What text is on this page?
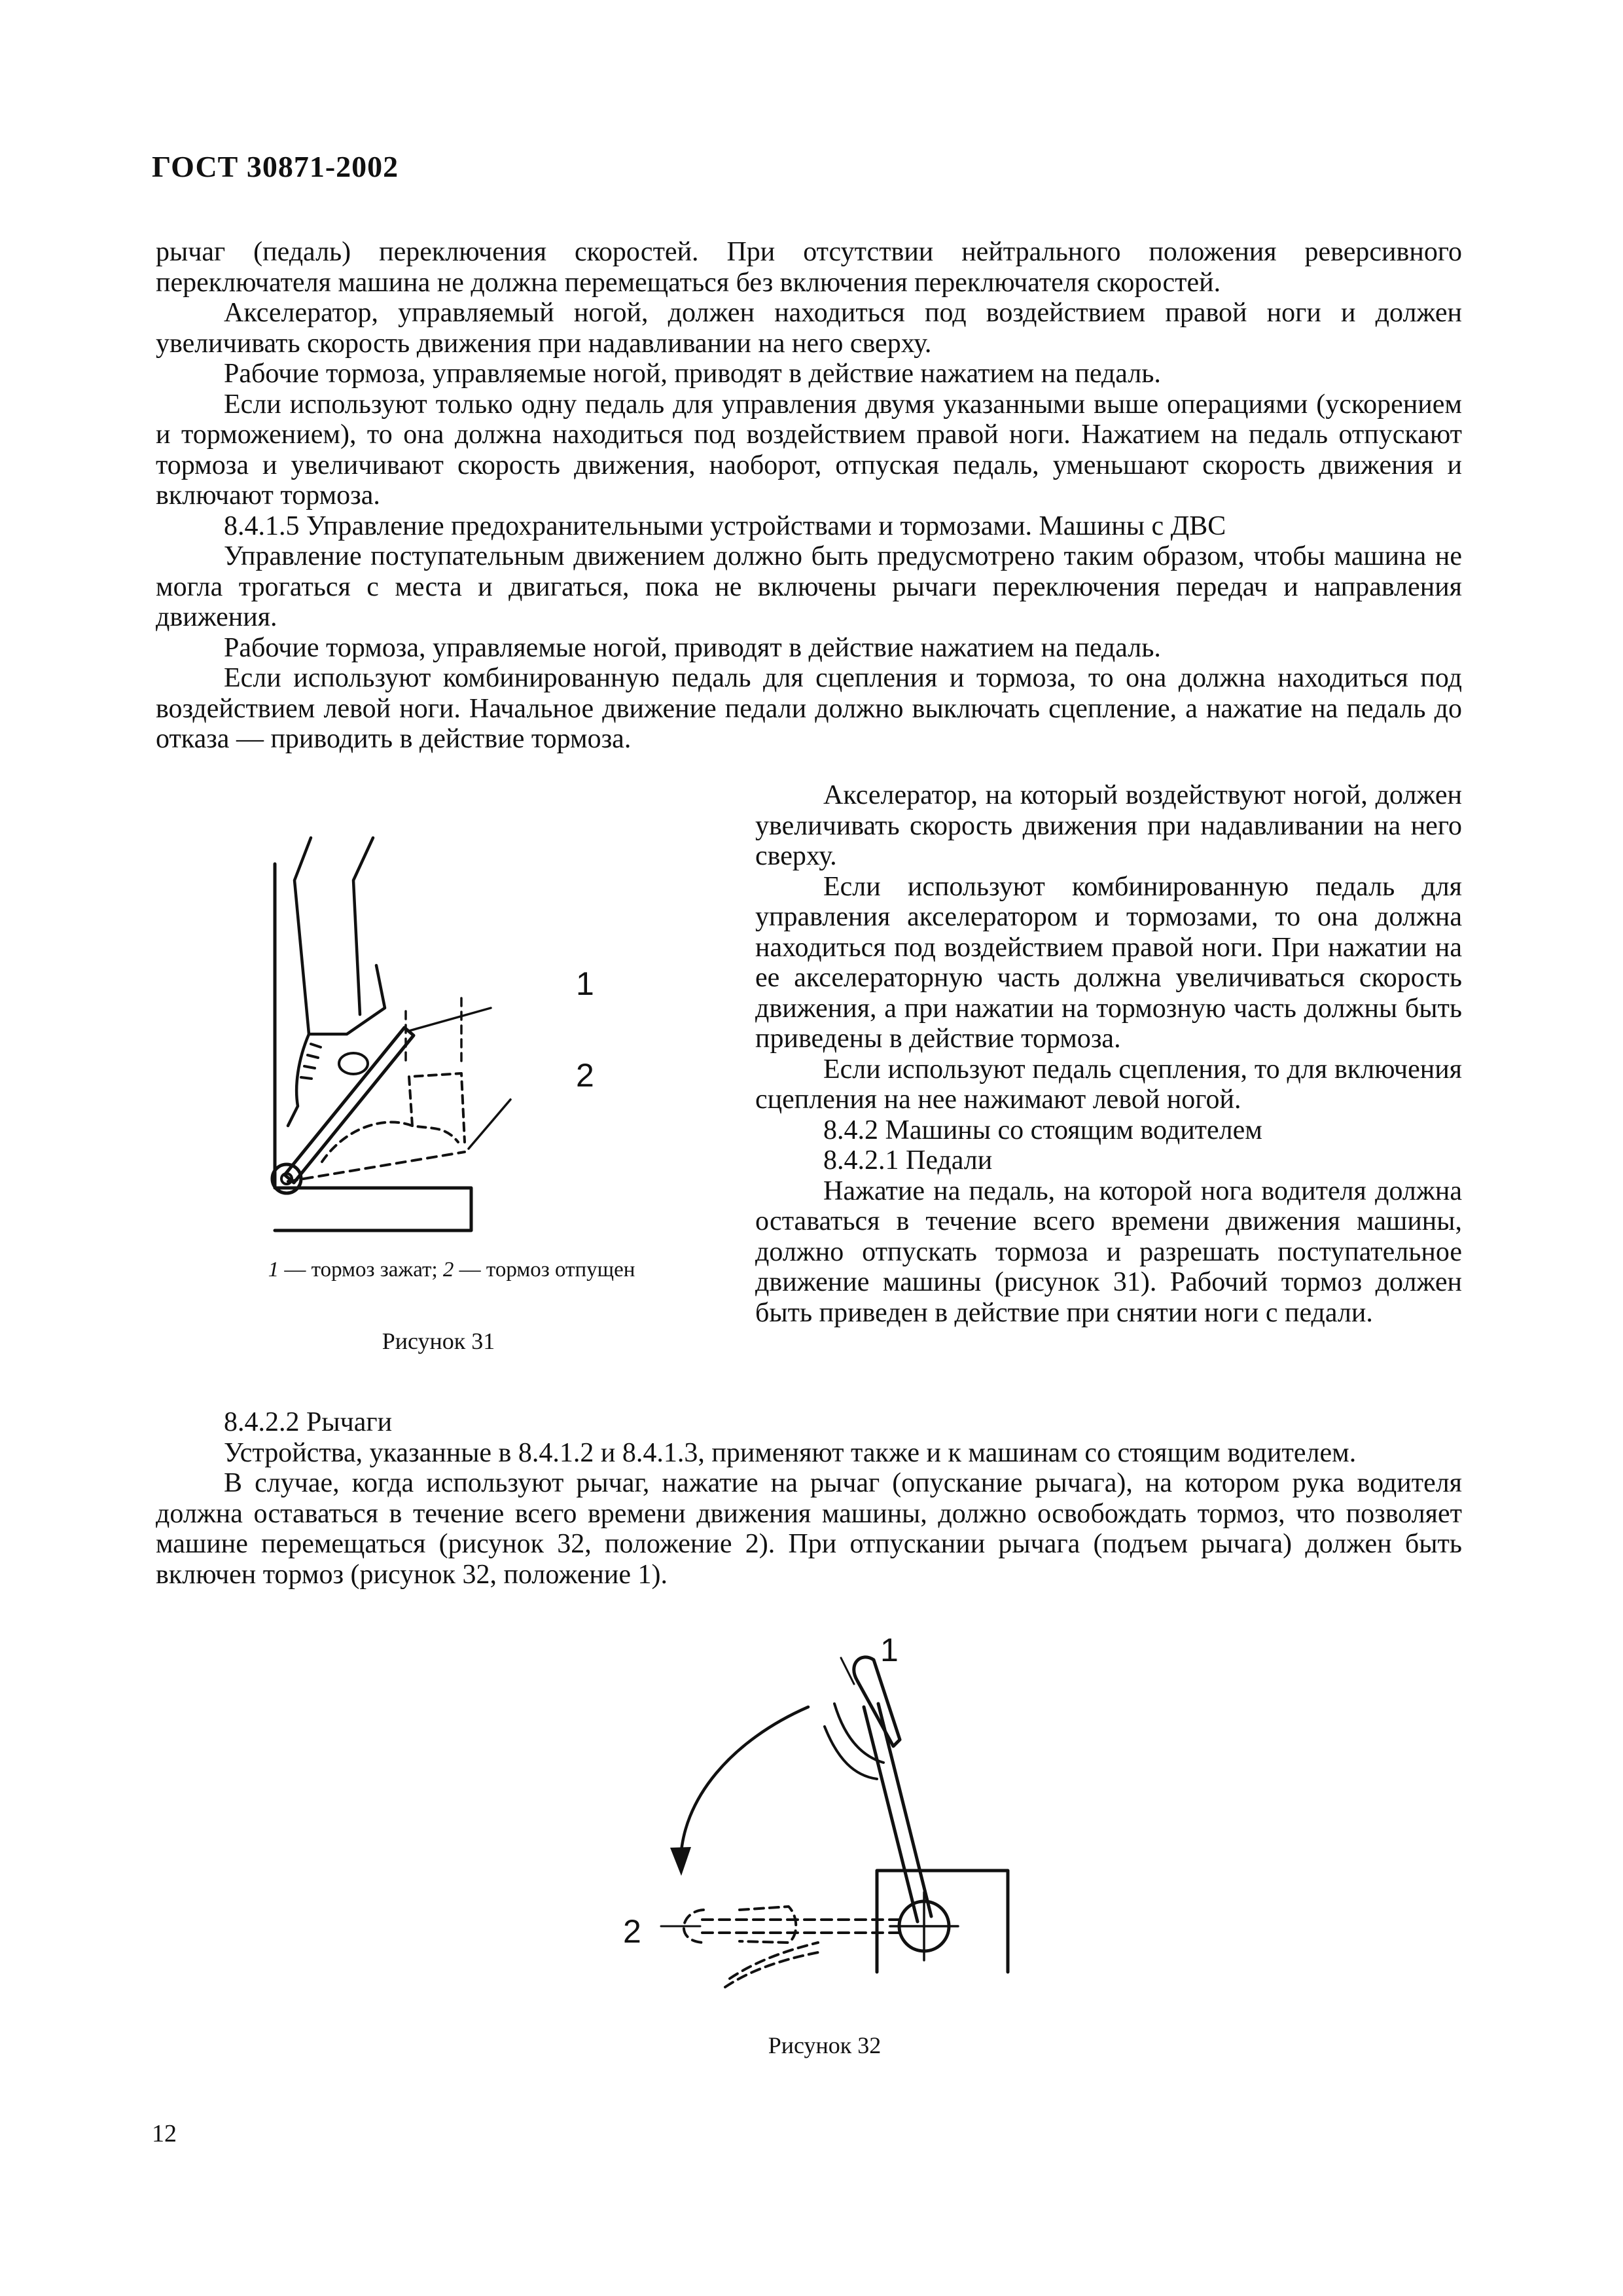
ГОСТ 30871-2002

рычаг (педаль) переключения скоростей. При отсутствии нейтрального положения реверсивного переключателя машина не должна перемещаться без включения переключателя скоростей.

Акселератор, управляемый ногой, должен находиться под воздействием правой ноги и должен увеличивать скорость движения при надавливании на него сверху.

Рабочие тормоза, управляемые ногой, приводят в действие нажатием на педаль.

Если используют только одну педаль для управления двумя указанными выше операциями (ускорением и торможением), то она должна находиться под воздействием правой ноги. Нажатием на педаль отпускают тормоза и увеличивают скорость движения, наоборот, отпуская педаль, уменьшают скорость движения и включают тормоза.

8.4.1.5 Управление предохранительными устройствами и тормозами. Машины с ДВС

Управление поступательным движением должно быть предусмотрено таким образом, чтобы машина не могла трогаться с места и двигаться, пока не включены рычаги переключения передач и направления движения.

Рабочие тормоза, управляемые ногой, приводят в действие нажатием на педаль.

Если используют комбинированную педаль для сцепления и тормоза, то она должна находиться под воздействием левой ноги. Начальное движение педали должно выключать сцепление, а нажатие на педаль до отказа — приводить в действие тормоза.

Акселератор, на который воздействуют ногой, должен увеличивать скорость движения при надавливании на него сверху.

Если используют комбинированную педаль для управления акселератором и тормозами, то она должна находиться под воздействием правой ноги. При нажатии на ее акселераторную часть должна увеличиваться скорость движения, а при нажатии на тормозную часть должны быть приведены в действие тормоза.

Если используют педаль сцепления, то для включения сцепления на нее нажимают левой ногой.

8.4.2 Машины со стоящим водителем

8.4.2.1 Педали

Нажатие на педаль, на которой нога водителя должна оставаться в течение всего времени движения машины, должно отпускать тормоза и разрешать поступательное движение машины (рисунок 31). Рабочий тормоз должен быть приведен в действие при снятии ноги с педали.

1
2
1 — тормоз зажат; 2 — тормоз отпущен
Рисунок 31

8.4.2.2 Рычаги

Устройства, указанные в 8.4.1.2 и 8.4.1.3, применяют также и к машинам со стоящим водителем.

В случае, когда используют рычаг, нажатие на рычаг (опускание рычага), на котором рука водителя должна оставаться в течение всего времени движения машины, должно освобождать тормоз, что позволяет машине перемещаться (рисунок 32, положение 2). При отпускании рычага (подъем рычага) должен быть включен тормоз (рисунок 32, положение 1).

1
2
Рисунок 32
12
